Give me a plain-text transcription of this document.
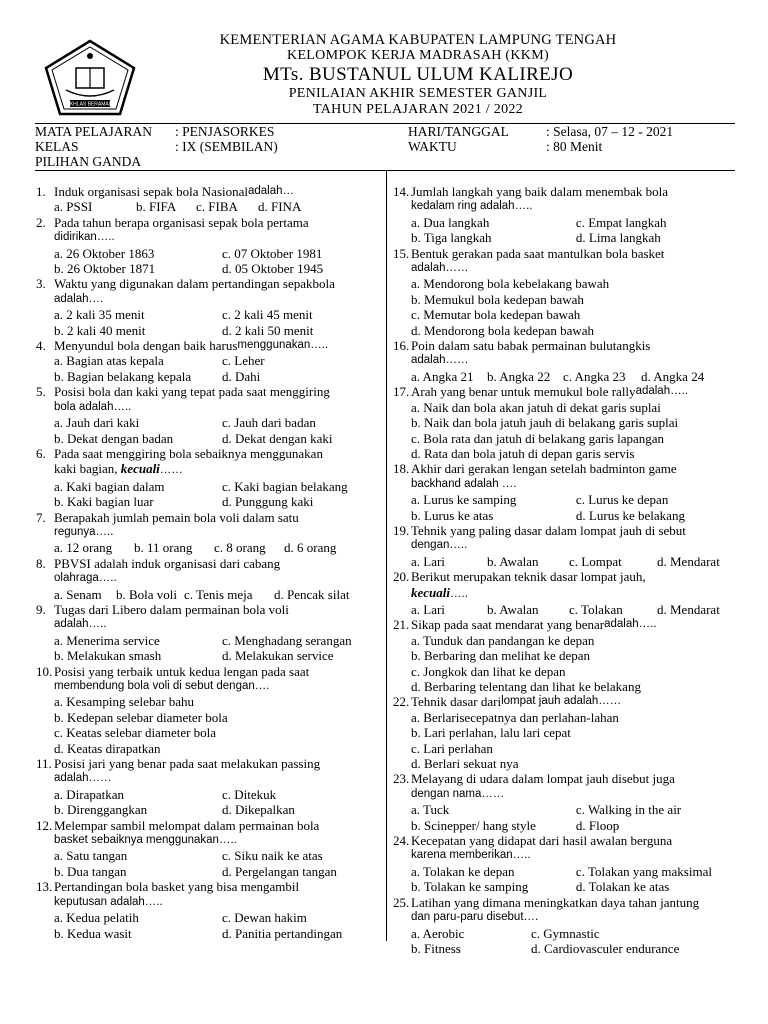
IKHLAS BERAMAL
KEMENTERIAN AGAMA KABUPATEN LAMPUNG TENGAH
KELOMPOK KERJA MADRASAH (KKM)
MTs. BUSTANUL ULUM KALIREJO
PENILAIAN AKHIR SEMESTER GANJIL
TAHUN PELAJARAN 2021 / 2022
MATA PELAJARAN : PENJASORKES	HARI/TANGGAL	: Selasa, 07 – 12 - 2021
KELAS	: IX (SEMBILAN)	WAKTU	: 80 Menit
PILIHAN GANDA
1. Induk organisasi sepak bola Nasional adalah…
a. PSSI	b. FIFA	c. FIBA	d. FINA
2. Pada tahun berapa organisasi sepak bola pertama
didirikan…..
a. 26 Oktober 1863	c. 07 Oktober 1981
b. 26 Oktober 1871	d. 05 Oktober 1945
3. Waktu yang digunakan dalam pertandingan sepakbola
adalah….
a. 2 kali 35 menit	c. 2 kali 45 menit
b. 2 kali 40 menit	d. 2 kali 50 menit
4. Menyundul bola dengan baik harus menggunakan…..
a. Bagian atas kepala	c. Leher
b. Bagian belakang kepala	d. Dahi
5. Posisi bola dan kaki yang tepat pada saat menggiring
bola adalah…..
a. Jauh dari kaki	c. Jauh dari badan
b. Dekat dengan badan	d. Dekat dengan kaki
6. Pada saat menggiring bola sebaiknya menggunakan
kaki bagian, kecuali……
a. Kaki bagian dalam	c. Kaki bagian belakang
b. Kaki bagian luar	d. Punggung kaki
7. Berapakah jumlah pemain bola voli dalam satu
regunya…..
a. 12 orang	b. 11 orang	c. 8 orang	d. 6 orang
8. PBVSI adalah induk organisasi dari cabang
olahraga…..
a. Senam	b. Bola voli c. Tenis meja	d. Pencak silat
9. Tugas dari Libero dalam permainan bola voli
adalah…..
a. Menerima service	c. Menghadang serangan
b. Melakukan smash	d. Melakukan service
10. Posisi yang terbaik untuk kedua lengan pada saat
membendung bola voli di sebut dengan….
a. Kesamping selebar bahu
b. Kedepan selebar diameter bola
c. Keatas selebar diameter bola
d. Keatas dirapatkan
11. Posisi jari yang benar pada saat melakukan passing
adalah……
a. Dirapatkan	c. Ditekuk
b. Direnggangkan	d. Dikepalkan
12. Melempar sambil melompat dalam permainan bola
basket sebaiknya menggunakan…..
a. Satu tangan	c. Siku naik ke atas
b. Dua tangan	d. Pergelangan tangan
13. Pertandingan bola basket yang bisa mengambil
keputusan adalah…..
a. Kedua pelatih	c. Dewan hakim
b. Kedua wasit	d. Panitia pertandingan
14. Jumlah langkah yang baik dalam menembak bola
kedalam ring adalah…..
a. Dua langkah	c. Empat langkah
b. Tiga langkah	d. Lima langkah
15. Bentuk gerakan pada saat mantulkan bola basket
adalah……
a. Mendorong bola kebelakang bawah
b. Memukul bola kedepan bawah
c. Memutar bola kedepan bawah
d. Mendorong bola kedepan bawah
16. Poin dalam satu babak permainan bulutangkis
adalah……
a. Angka 21	b. Angka 22 c. Angka 23	d. Angka 24
17. Arah yang benar untuk memukul bole rally adalah…..
a. Naik dan bola akan jatuh di dekat garis suplai
b. Naik dan bola jatuh jauh di belakang garis suplai
c. Bola rata dan jatuh di belakang garis lapangan
d. Rata dan bola jatuh di depan garis servis
18. Akhir dari gerakan lengan setelah badminton game
backhand adalah ….
a. Lurus ke samping	c. Lurus ke depan
b. Lurus ke atas	d. Lurus ke belakang
19. Tehnik yang paling dasar dalam lompat jauh di sebut
dengan…..
a. Lari	b. Awalan	c. Lompat	d. Mendarat
20. Berikut merupakan teknik dasar lompat jauh,
kecuali…..
a. Lari	b. Awalan	c. Tolakan	d. Mendarat
21. Sikap pada saat mendarat yang benar adalah…..
a. Tunduk dan pandangan ke depan
b. Berbaring dan melihat ke depan
c. Jongkok dan lihat ke depan
d. Berbaring telentang dan lihat ke belakang
22. Tehnik dasar dari lompat jauh adalah……
a. Berlarisecepatnya dan perlahan-lahan
b. Lari perlahan, lalu lari cepat
c. Lari perlahan
d. Berlari sekuat nya
23. Melayang di udara dalam lompat jauh disebut juga
dengan nama……
a. Tuck	c. Walking in the air
b. Scinepper/ hang style	d. Floop
24. Kecepatan yang didapat dari hasil awalan berguna
karena memberikan…..
a. Tolakan ke depan	c. Tolakan yang maksimal
b. Tolakan ke samping	d. Tolakan ke atas
25. Latihan yang dimana meningkatkan daya tahan jantung
dan paru-paru disebut….
a. Aerobic	c. Gymnastic
b. Fitness	d. Cardiovasculer endurance
